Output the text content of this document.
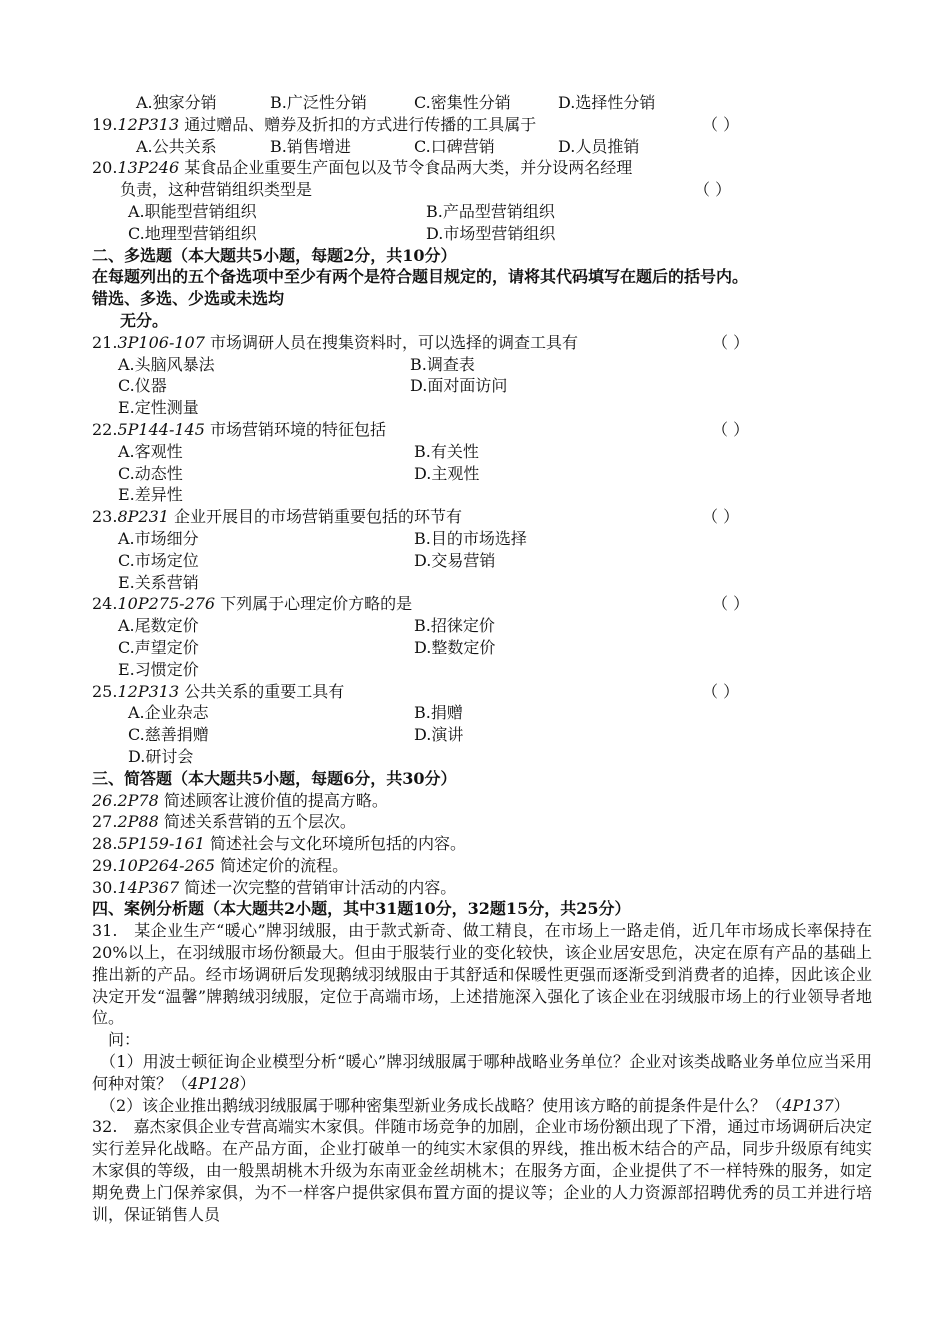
A.独家分销	B.广泛性分销	C.密集性分销	D.选择性分销
19.12P313 通过赠品、赠券及折扣的方式进行传播的工具属于	（ ）
A.公共关系	B.销售增进	C.口碑营销	D.人员推销
20.13P246 某食品企业重要生产面包以及节令食品两大类，并分设两名经理
负责，这种营销组织类型是	（ ）
A.职能型营销组织	B.产品型营销组织
C.地理型营销组织	D.市场型营销组织
二、多选题（本大题共5小题，每题2分，共10分）
在每题列出的五个备选项中至少有两个是符合题目规定的，请将其代码填写在题后的括号内。
错选、多选、少选或未选均
无分。
21.3P106-107 市场调研人员在搜集资料时，可以选择的调查工具有	（ ）
A.头脑风暴法	B.调查表
C.仪器	D.面对面访问
E.定性测量
22.5P144-145 市场营销环境的特征包括	（ ）
A.客观性	B.有关性
C.动态性	D.主观性
E.差异性
23.8P231 企业开展目的市场营销重要包括的环节有	（ ）
A.市场细分	B.目的市场选择
C.市场定位	D.交易营销
E.关系营销
24.10P275-276 下列属于心理定价方略的是	（ ）
A.尾数定价	B.招徕定价
C.声望定价	D.整数定价
E.习惯定价
25.12P313 公共关系的重要工具有	（ ）
A.企业杂志	B.捐赠
C.慈善捐赠	D.演讲
D.研讨会
三、简答题（本大题共5小题，每题6分，共30分）
26.2P78 简述顾客让渡价值的提高方略。
27.2P88 简述关系营销的五个层次。
28.5P159-161 简述社会与文化环境所包括的内容。
29.10P264-265 简述定价的流程。
30.14P367 简述一次完整的营销审计活动的内容。
四、案例分析题（本大题共2小题，其中31题10分，32题15分，共25分）
31.　某企业生产“暖心”牌羽绒服，由于款式新奇、做工精良，在市场上一路走俏，近几年市场成长率保持在20%以上，在羽绒服市场份额最大。但由于服装行业的变化较快，该企业居安思危，决定在原有产品的基础上推出新的产品。经市场调研后发现鹅绒羽绒服由于其舒适和保暖性更强而逐渐受到消费者的追捧，因此该企业决定开发“温馨”牌鹅绒羽绒服，定位于高端市场，上述措施深入强化了该企业在羽绒服市场上的行业领导者地位。
问：
（1）用波士顿征询企业模型分析“暖心”牌羽绒服属于哪种战略业务单位？企业对该类战略业务单位应当采用何种对策？（4P128）
（2）该企业推出鹅绒羽绒服属于哪种密集型新业务成长战略？使用该方略的前提条件是什么？（4P137）
32.　嘉杰家俱企业专营高端实木家俱。伴随市场竞争的加剧，企业市场份额出现了下滑，通过市场调研后决定实行差异化战略。在产品方面，企业打破单一的纯实木家俱的界线，推出板木结合的产品，同步升级原有纯实木家俱的等级，由一般黑胡桃木升级为东南亚金丝胡桃木；在服务方面，企业提供了不一样特殊的服务，如定期免费上门保养家俱，为不一样客户提供家俱布置方面的提议等；企业的人力资源部招聘优秀的员工并进行培训，保证销售人员
